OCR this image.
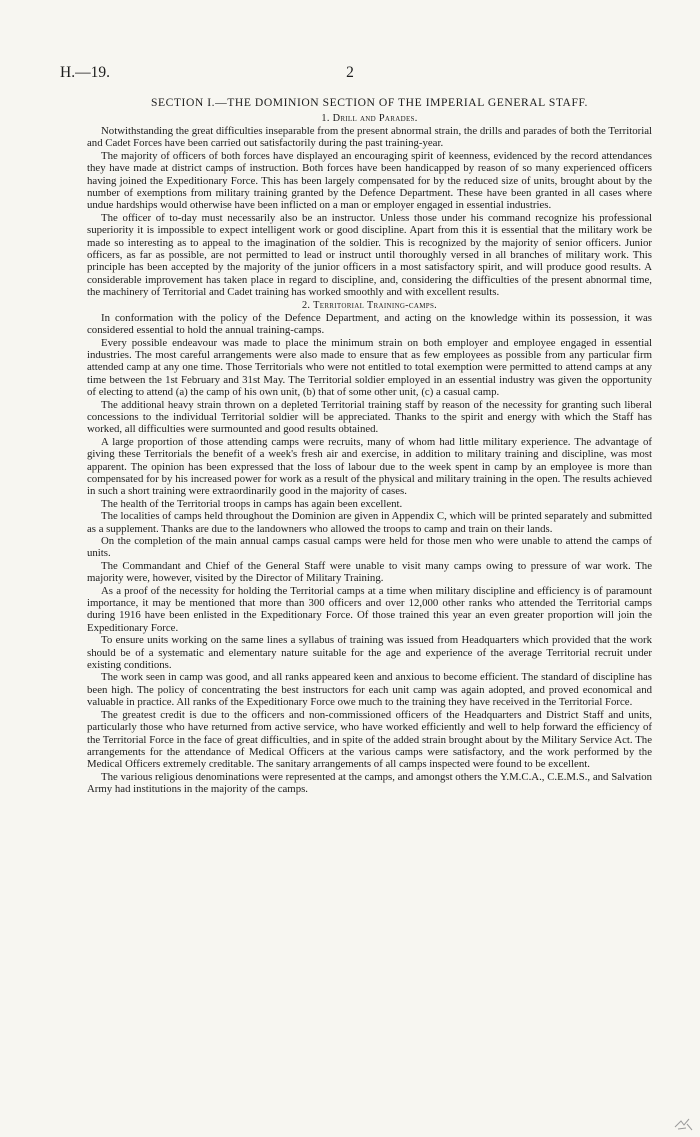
H.—19.	2
SECTION I.—THE DOMINION SECTION OF THE IMPERIAL GENERAL STAFF.
1. Drill and Parades.

Notwithstanding the great difficulties inseparable from the present abnormal strain, the drills and parades of both the Territorial and Cadet Forces have been carried out satisfactorily during the past training-year.

The majority of officers of both forces have displayed an encouraging spirit of keenness, evidenced by the record attendances they have made at district camps of instruction. Both forces have been handicapped by reason of so many experienced officers having joined the Expeditionary Force. This has been largely compensated for by the reduced size of units, brought about by the number of exemptions from military training granted by the Defence Department. These have been granted in all cases where undue hardships would otherwise have been inflicted on a man or employer engaged in essential industries.

The officer of to-day must necessarily also be an instructor. Unless those under his command recognize his professional superiority it is impossible to expect intelligent work or good discipline. Apart from this it is essential that the military work be made so interesting as to appeal to the imagination of the soldier. This is recognized by the majority of senior officers. Junior officers, as far as possible, are not permitted to lead or instruct until thoroughly versed in all branches of military work. This principle has been accepted by the majority of the junior officers in a most satisfactory spirit, and will produce good results. A considerable improvement has taken place in regard to discipline, and, considering the difficulties of the present abnormal time, the machinery of Territorial and Cadet training has worked smoothly and with excellent results.

2. Territorial Training-camps.

In conformation with the policy of the Defence Department, and acting on the knowledge within its possession, it was considered essential to hold the annual training-camps.

Every possible endeavour was made to place the minimum strain on both employer and employee engaged in essential industries. The most careful arrangements were also made to ensure that as few employees as possible from any particular firm attended camp at any one time. Those Territorials who were not entitled to total exemption were permitted to attend camps at any time between the 1st February and 31st May. The Territorial soldier employed in an essential industry was given the opportunity of electing to attend (a) the camp of his own unit, (b) that of some other unit, (c) a casual camp.

The additional heavy strain thrown on a depleted Territorial training staff by reason of the necessity for granting such liberal concessions to the individual Territorial soldier will be appreciated. Thanks to the spirit and energy with which the Staff has worked, all difficulties were surmounted and good results obtained.

A large proportion of those attending camps were recruits, many of whom had little military experience. The advantage of giving these Territorials the benefit of a week's fresh air and exercise, in addition to military training and discipline, was most apparent. The opinion has been expressed that the loss of labour due to the week spent in camp by an employee is more than compensated for by his increased power for work as a result of the physical and military training in the open. The results achieved in such a short training were extraordinarily good in the majority of cases.

The health of the Territorial troops in camps has again been excellent.

The localities of camps held throughout the Dominion are given in Appendix C, which will be printed separately and submitted as a supplement. Thanks are due to the landowners who allowed the troops to camp and train on their lands.

On the completion of the main annual camps casual camps were held for those men who were unable to attend the camps of units.

The Commandant and Chief of the General Staff were unable to visit many camps owing to pressure of war work. The majority were, however, visited by the Director of Military Training.

As a proof of the necessity for holding the Territorial camps at a time when military discipline and efficiency is of paramount importance, it may be mentioned that more than 300 officers and over 12,000 other ranks who attended the Territorial camps during 1916 have been enlisted in the Expeditionary Force. Of those trained this year an even greater proportion will join the Expeditionary Force.

To ensure units working on the same lines a syllabus of training was issued from Headquarters which provided that the work should be of a systematic and elementary nature suitable for the age and experience of the average Territorial recruit under existing conditions.

The work seen in camp was good, and all ranks appeared keen and anxious to become efficient. The standard of discipline has been high. The policy of concentrating the best instructors for each unit camp was again adopted, and proved economical and valuable in practice. All ranks of the Expeditionary Force owe much to the training they have received in the Territorial Force.

The greatest credit is due to the officers and non-commissioned officers of the Headquarters and District Staff and units, particularly those who have returned from active service, who have worked efficiently and well to help forward the efficiency of the Territorial Force in the face of great difficulties, and in spite of the added strain brought about by the Military Service Act. The arrangements for the attendance of Medical Officers at the various camps were satisfactory, and the work performed by the Medical Officers extremely creditable. The sanitary arrangements of all camps inspected were found to be excellent.

The various religious denominations were represented at the camps, and amongst others the Y.M.C.A., C.E.M.S., and Salvation Army had institutions in the majority of the camps.
